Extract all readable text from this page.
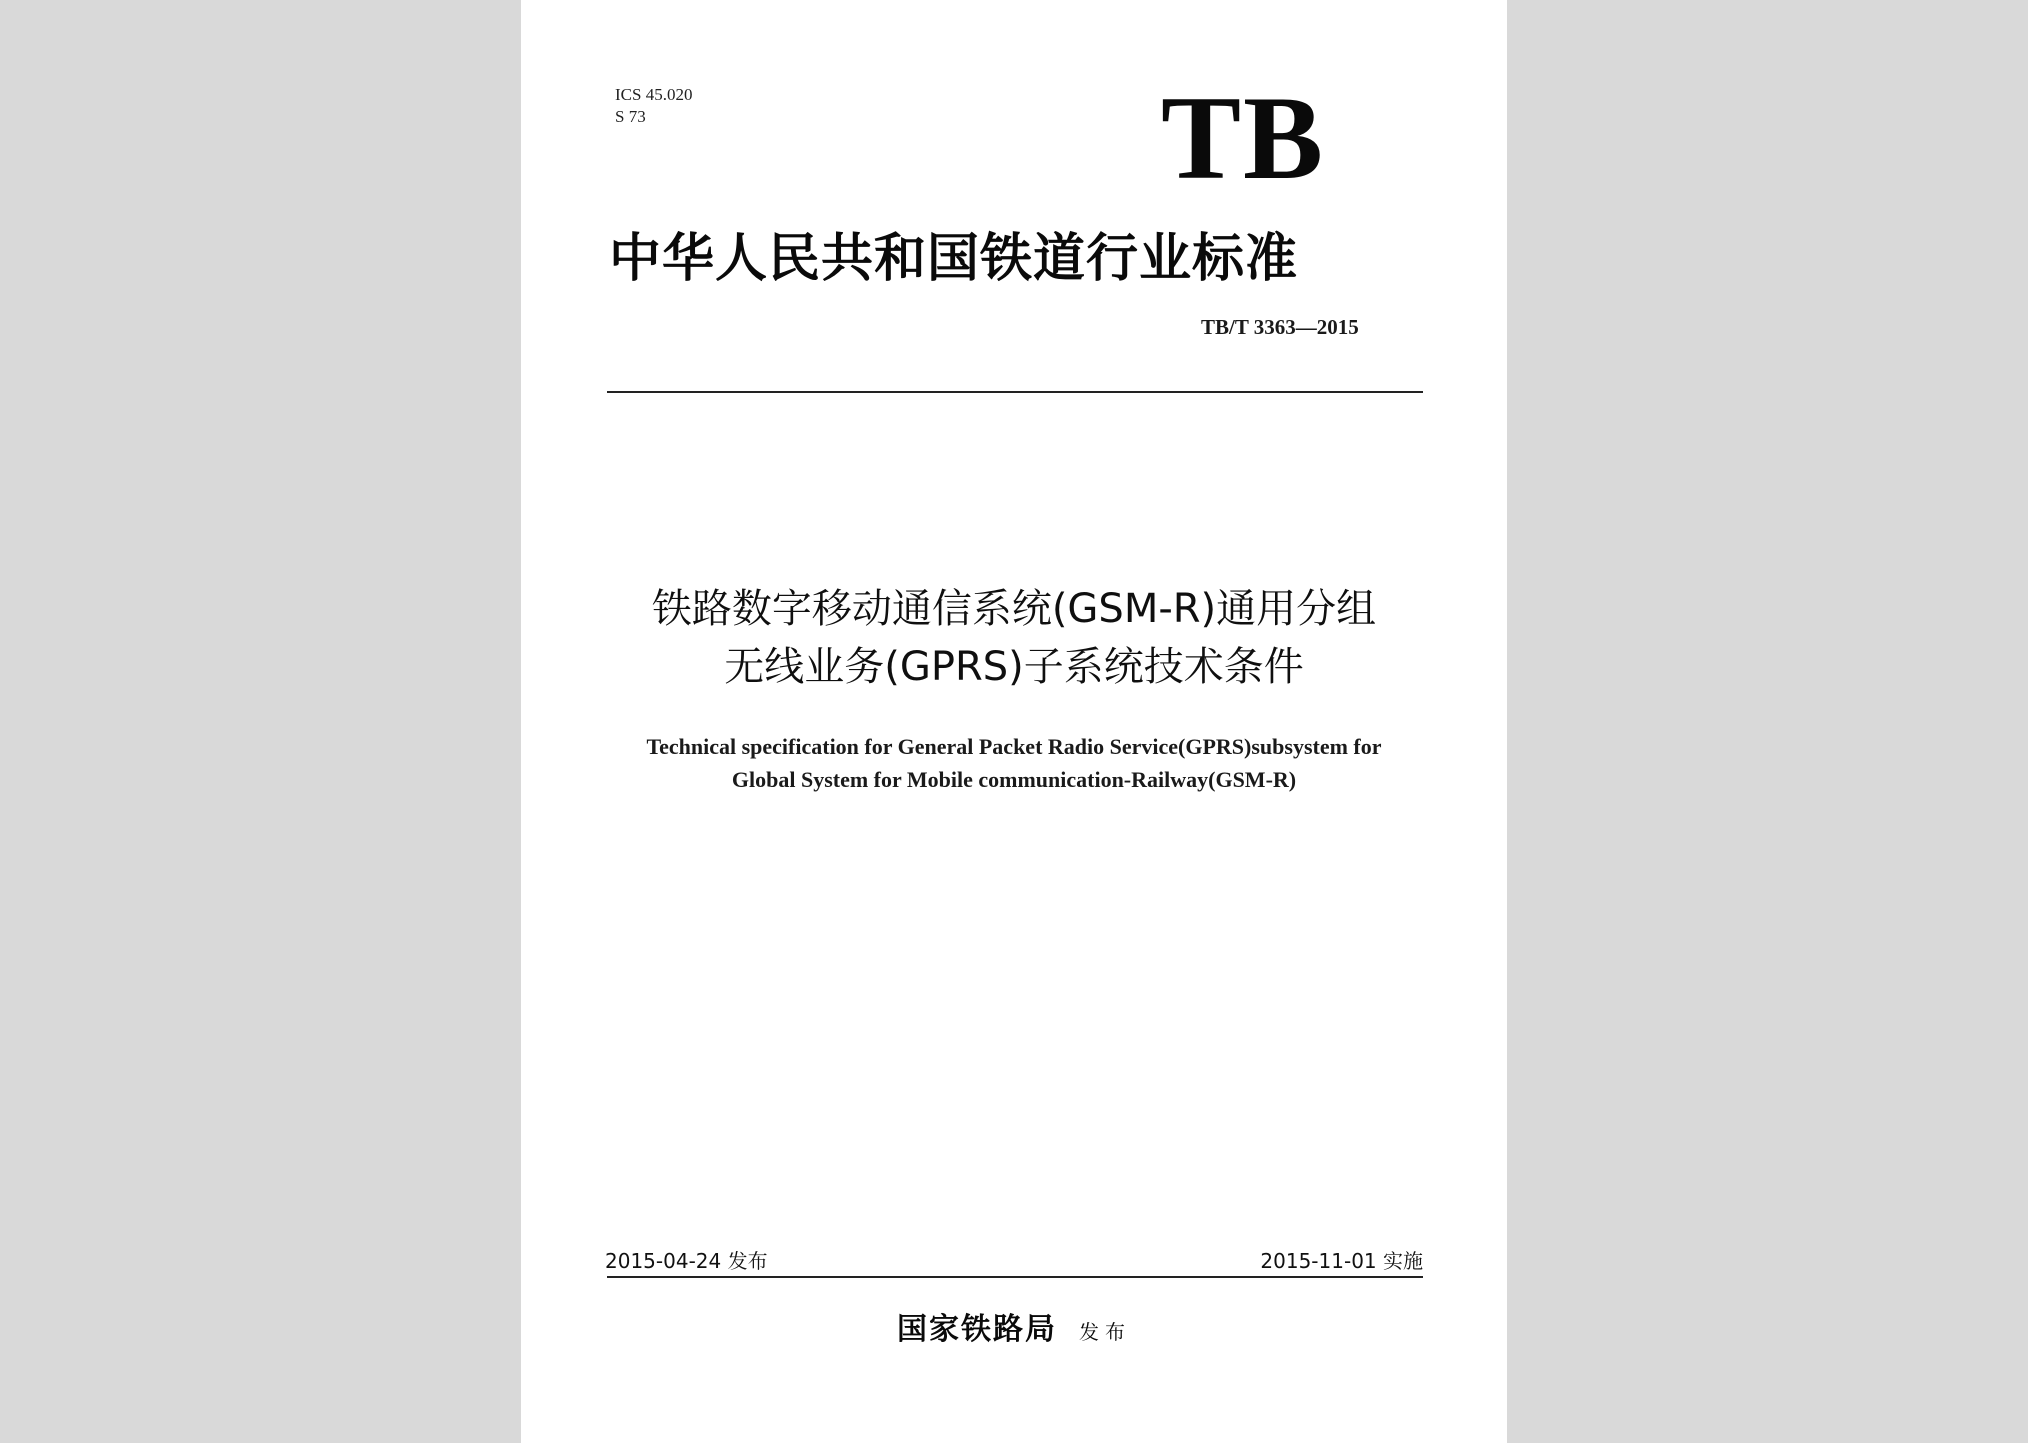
ICS 45.020
S 73	TB
中华人民共和国铁道行业标准
TB/T 3363—2015
铁路数字移动通信系统(GSM-R)通用分组
无线业务(GPRS)子系统技术条件
Technical specification for General Packet Radio Service(GPRS)subsystem for
Global System for Mobile communication-Railway(GSM-R)
2015-04-24 发布	2015-11-01 实施
国家铁路局 发布
